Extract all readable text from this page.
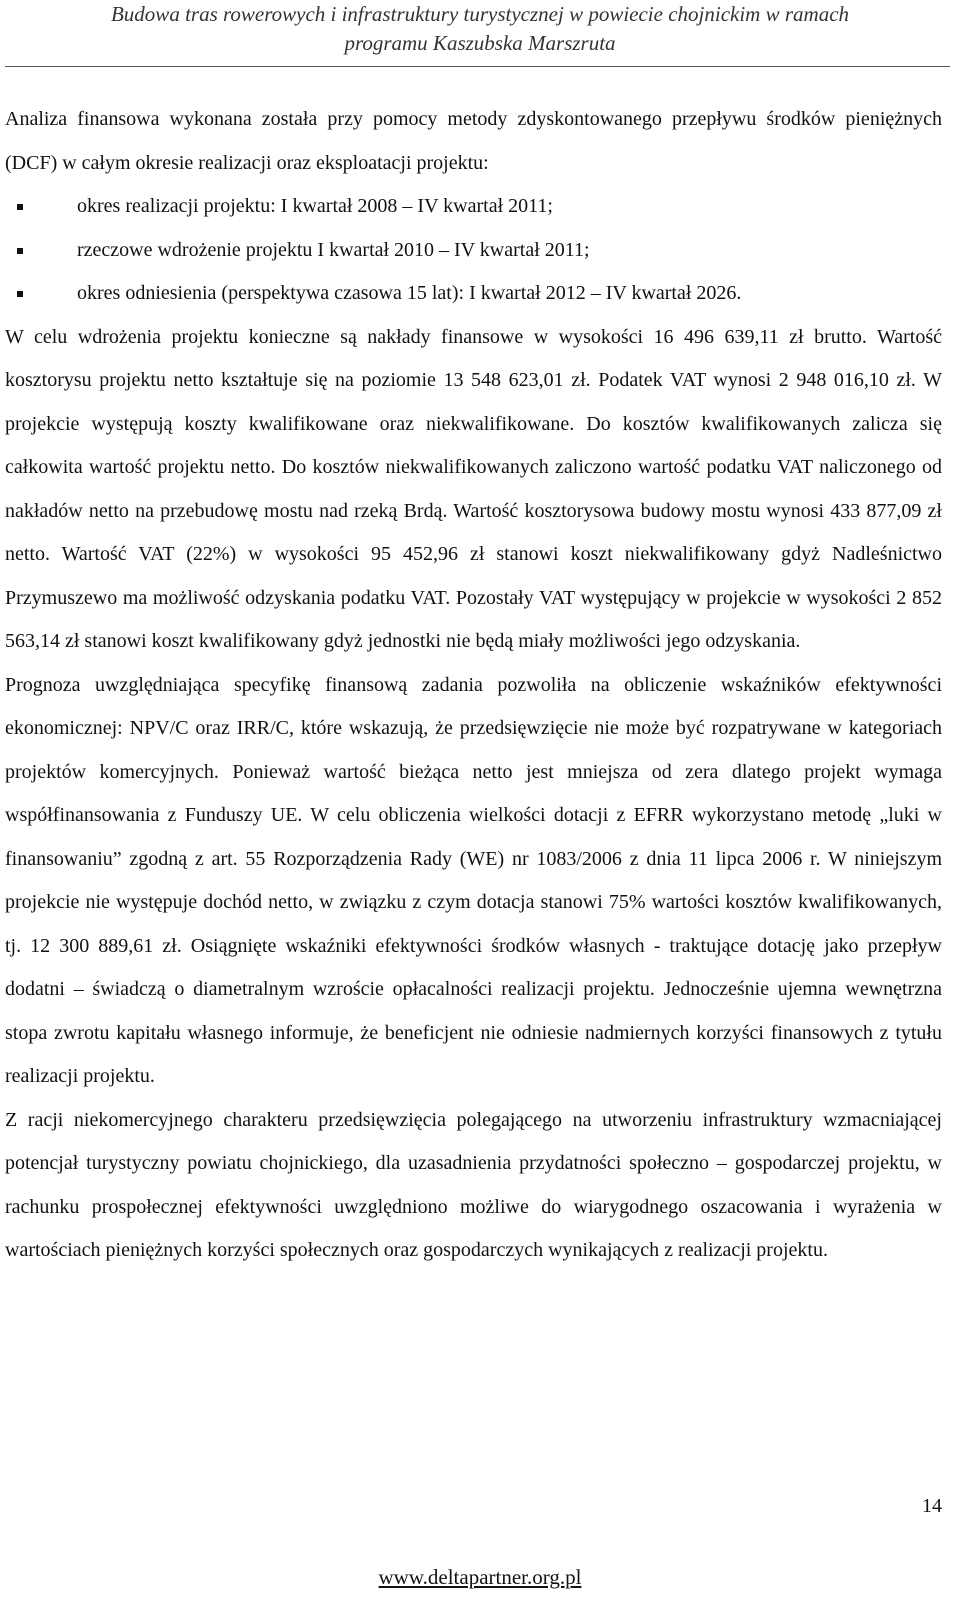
Budowa tras rowerowych i infrastruktury turystycznej w powiecie chojnickim w ramach
programu Kaszubska Marszruta

Analiza finansowa wykonana została przy pomocy metody zdyskontowanego przepływu środków pieniężnych (DCF) w całym okresie realizacji oraz eksploatacji projektu:

okres realizacji projektu: I kwartał 2008 – IV kwartał 2011;
rzeczowe wdrożenie projektu I kwartał 2010 – IV kwartał 2011;
okres odniesienia (perspektywa czasowa 15 lat): I kwartał 2012 – IV kwartał 2026.

W celu wdrożenia projektu konieczne są nakłady finansowe w wysokości 16 496 639,11 zł brutto. Wartość kosztorysu projektu netto kształtuje się na poziomie 13 548 623,01 zł. Podatek VAT wynosi 2 948 016,10 zł. W projekcie występują koszty kwalifikowane oraz niekwalifikowane. Do kosztów kwalifikowanych zalicza się całkowita wartość projektu netto. Do kosztów niekwalifikowanych zaliczono wartość podatku VAT naliczonego od nakładów netto na przebudowę mostu nad rzeką Brdą. Wartość kosztorysowa budowy mostu wynosi 433 877,09 zł netto. Wartość VAT (22%) w wysokości 95 452,96 zł stanowi koszt niekwalifikowany gdyż Nadleśnictwo Przymuszewo ma możliwość odzyskania podatku VAT. Pozostały VAT występujący w projekcie w wysokości 2 852 563,14 zł stanowi koszt kwalifikowany gdyż jednostki nie będą miały możliwości jego odzyskania.

Prognoza uwzględniająca specyfikę finansową zadania pozwoliła na obliczenie wskaźników efektywności ekonomicznej: NPV/C oraz IRR/C, które wskazują, że przedsięwzięcie nie może być rozpatrywane w kategoriach projektów komercyjnych. Ponieważ wartość bieżąca netto jest mniejsza od zera dlatego projekt wymaga współfinansowania z Funduszy UE. W celu obliczenia wielkości dotacji z EFRR wykorzystano metodę „luki w finansowaniu” zgodną z art. 55 Rozporządzenia Rady (WE) nr 1083/2006 z dnia 11 lipca 2006 r. W niniejszym projekcie nie występuje dochód netto, w związku z czym dotacja stanowi 75% wartości kosztów kwalifikowanych, tj. 12 300 889,61 zł. Osiągnięte wskaźniki efektywności środków własnych - traktujące dotację jako przepływ dodatni – świadczą o diametralnym wzroście opłacalności realizacji projektu. Jednocześnie ujemna wewnętrzna stopa zwrotu kapitału własnego informuje, że beneficjent nie odniesie nadmiernych korzyści finansowych z tytułu realizacji projektu.

Z racji niekomercyjnego charakteru przedsięwzięcia polegającego na utworzeniu infrastruktury wzmacniającej potencjał turystyczny powiatu chojnickiego, dla uzasadnienia przydatności społeczno – gospodarczej projektu, w rachunku prospołecznej efektywności uwzględniono możliwe do wiarygodnego oszacowania i wyrażenia w wartościach pieniężnych korzyści społecznych oraz gospodarczych wynikających z realizacji projektu.

14
www.deltapartner.org.pl
